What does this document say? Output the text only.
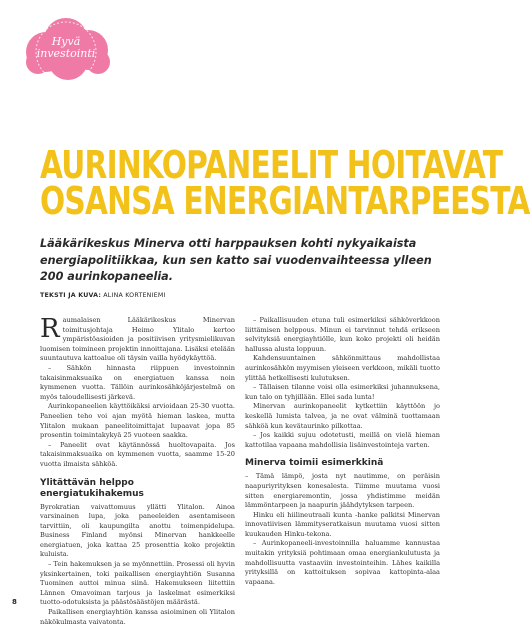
Hyvä
investointi
AURINKOPANEELIT HOITAVAT
OSANSA ENERGIANTARPEESTA
Lääkärikeskus Minerva otti harppauksen kohti nykyaikaista energiapolitiikkaa, kun sen katto sai vuodenvaihteessa ylleen 200 aurinkopaneelia.
TEKSTI JA KUVA: ALINA KORTENIEMI
R aumalaisen Lääkärikeskus Minervan toimitusjohtaja Heimo Ylitalo kertoo ympäristöasioiden ja positiivisen yritysmielikuvan luomisen toimineen projektin innoittajana. Lisäksi etelään suuntautuva kattoalue oli täysin vailla hyödykäyttöä.

– Sähkön hinnasta riippuen investoinnin takaisinmaksuaika on energiatuen kanssa noin kymmenen vuotta. Tällöin aurinkosähköjärjestelmä on myös taloudellisesti järkevä.

Aurinkopaneelien käyttöikäksi arvioidaan 25-30 vuotta. Paneelien teho voi ajan myötä hieman laskea, mutta Ylitalon mukaan paneelitoimittajat lupaavat jopa 85 prosentin toimintakykyä 25 vuoteen saakka.

– Paneelit ovat käytännössä huoltovapaita. Jos takaisinmaksuaika on kymmenen vuotta, saamme 15-20 vuotta ilmaista sähköä.

Ylitättävän helppo energiatukihakemus

Byrokratian vaivattomuus yllätti Ylitalon. Ainoa varsinainen lupa, joka paneeleiden asentamiseen tarvittiin, oli kaupungilta anottu toimenpidelupa. Business Finland myönsi Minervan hankkeelle energiatuen, joka kattaa 25 prosenttia koko projektin kuluista.

– Tein hakemuksen ja se myönnettiin. Prosessi oli hyvin yksinkertainen, toki paikallisen energiayhtiön Susanna Tuominen auttoi minua siinä. Hakemukseen liitettiin Lännen Omavoiman tarjous ja laskelmat esimerkiksi tuotto-odotuksista ja päästösäästöjen määrästä.

Paikallisen energiayhtiön kanssa asioiminen oli Ylitalon näkökulmasta vaivatonta.

– Paikallisuuden etuna tuli esimerkiksi sähköverkkoon liittämisen helppous. Minun ei tarvinnut tehdä erikseen selvityksiä energiayhtiölle, kun koko projekti oli heidän hallussa alusta loppuun.

Kahdensuuntainen sähkönmittaus mahdollistaa aurinkosähkön myymisen yleiseen verkkoon, mikäli tuotto ylittää hetkellisesti kulutuksen.

– Tällaisen tilanne voisi olla esimerkiksi juhannuksena, kun talo on tyhjillään. Ellei sada lunta!

Minervan aurinkopaneelit kytkettiin käyttöön jo keskellä lumista talvea, ja ne ovat välminä tuottamaan sähköä kun kevätaurinko pilkottaa.

– Jos kaikki sujuu odotetusti, meillä on vielä hieman kattotilaa vapaana mahdollisia lisäinvestointeja varten.

Minerva toimii esimerkkinä

– Tämä lämpö, josta nyt nautimme, on peräisin naapuriyrityksen konesalesta. Tiimme muutama vuosi sitten energiaremontin, jossa yhdistimme meidän lämmöntarpeen ja naapurin jäähdytyksen tarpeen.

Hinku eli hiilineutraali kunta -hanke palkitsi Minervan innovatiivisen lämmityseratkaisun muutama vuosi sitten kuukauden Hinku-tekona.

– Aurinkopaneeli-investoinnilla haluamme kannustaa muitakin yrityksiä pohtimaan omaa energiankulutusta ja mahdollisuutta vastaaviin investointeihin. Lähes kaikilla yrityksillä on kattoituksen sopivaa kattopinta-alaa vapaana.

8
